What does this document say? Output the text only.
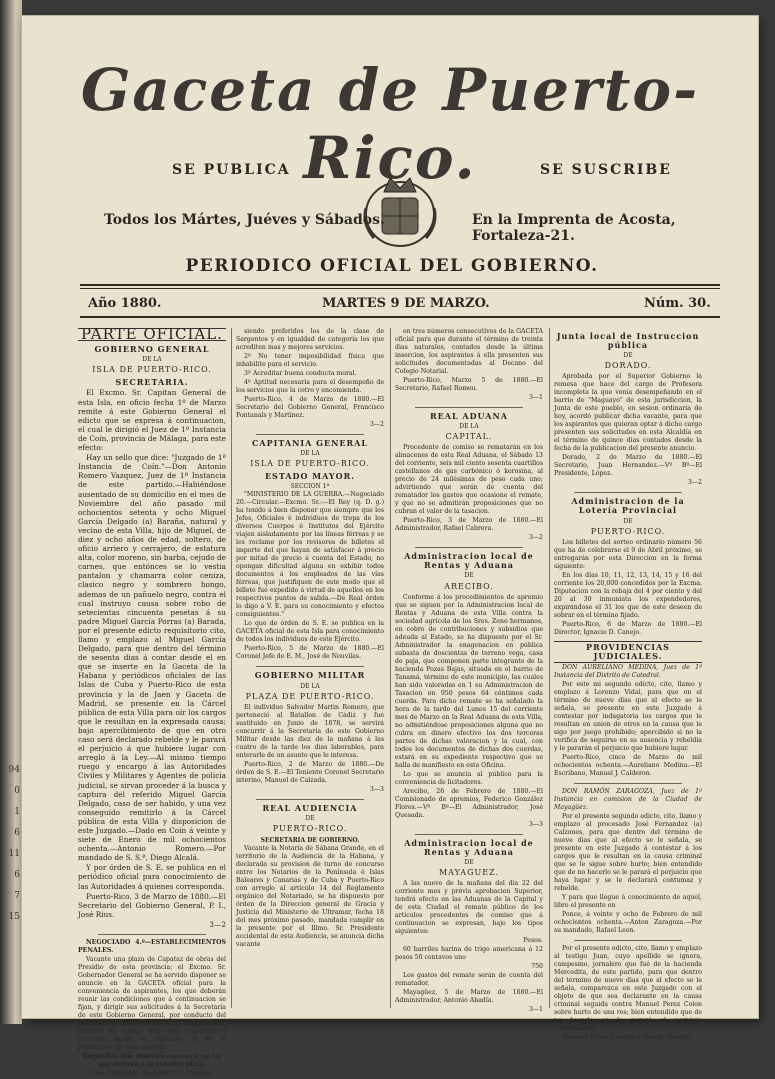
94
0
1
6
11
6
7
15
Gaceta de Puerto-Rico.
SE PUBLICA	SE SUSCRIBE
Todos los Mártes, Juéves y Sábados.	En la Imprenta de Acosta, Fortaleza-21.
PERIODICO OFICIAL DEL GOBIERNO.
Año 1880.	MARTES 9 DE MARZO.	Núm. 30.
PARTE OFICIAL.
GOBIERNO GENERAL
DE LA
ISLA DE PUERTO-RICO.
SECRETARIA.

El Excmo. Sr. Capitan General de esta Isla, en oficio fecha 1º de Marzo remite á este Gobierno General el edicto que se expresa á continuacion, el cual le dirigió el Juez de 1ª Instancia de Coín, provincia de Málaga, para este efecto:

Hay un sello que dice: "Juzgado de 1ª Instancia de Coín."—Don Antonio Romero Vazquez, Juez de 1ª Instancia de este partido.—Habiéndose ausentado de su domicilio en el mes de Noviembre del año pasado mil ochocientos setenta y ocho Miguel García Delgado (a) Baraña, natural y vecino de esta Villa, hijo de Miguel, de diez y ocho años de edad, soltero, de oficio arriero y cerrajero, de estatura alta, color moreno, sin barba, cejudo de carnes, que entónces se lo vestia pantalon y chamarra color ceniza, clasico negro y sombrero hongo, ademas de un pañuelo negro, contra el cual instruyo causa sobre robo de setecientas cincuenta pesetas á su padre Miguel García Porras (a) Barada, por el presente edicto requisitorio cito, llamo y emplazo al Miguel García Delgado, para que dentro del término de sesenta dias á contar desde el en que se inserte en la Gaceta de la Habana y periódicos oficiales de las Islas de Cuba y Puerto-Rico de esta provincia y la de Jaen y Gaceta de Madrid, se presente en la Cárcel pública de esta Villa para oír los cargos que le resultan en la expresada causa; bajo apercibimiento de que en otro caso será declarado rebelde y le parará el perjuicio á que hubiere lugar con arreglo á la Ley.—Al mismo tiempo ruego y encargo á las Autoridades Civiles y Militares y Agentes de policía judicial, se sirvan proceder á la busca y captura del referido Miguel García Delgado, caso de ser habido, y una vez conseguido remitirlo á la Cárcel pública de esta Villa y disposicion de este Juzgado.—Dado en Coín á veinte y siete de Enero de mil ochocientos ochenta.—Antonio Romero.—Por mandado de S. S.ª, Diego Alcalá.

Y por órden de S. E. se publica en el periódico oficial para conocimiento de las Autoridades á quienes corresponda.

Puerto-Rico, 3 de Marzo de 1880.—El Secretario del Gobierno General, P. I., José Rius.

3—2

NEGOCIADO 4.º—ESTABLECIMIENTOS PENALES.

Vacante una plaza de Capataz de obras del Presidio de esta provincia; el Excmo. Sr. Gobernador General se ha servido disponer se anuncie en la GACETA oficial para la conveniencia de aspirantes, los que deberán reunir las condiciones que á continuacion se fijan, y dirigir sus solicitudes á la Secretaría de este Gobierno General, por conducto del Comandante del Presidio, en el improrogable término de quince dias, que empezará á contarse desde el siguiente al de la publicacion de este anuncio.

Requisitos que deberán concurrir en los que aspiren á la anterior plaza.

1º Ser licenciado del Ejército ó Armada,

siendo preferidos los de la clase de Sargentos y en igualdad de categoría los que acrediten mas y mejores servicios.

2º No tener imposibilidad física que inhabilite para el servicio.

3º Acreditar buena conducta moral.

4º Aptitud necesaria para el desempeño de los servicios que la cetro y encomienda.

Puerto-Rico, 4 de Marzo de 1880.—El Secretario del Gobierno General, Francisco Fontanals y Martinez.

3—2

CAPITANIA GENERAL
DE LA
ISLA DE PUERTO-RICO.
ESTADO MAYOR.
SECCION 1ª

"MINISTERIO DE LA GUERRA.—Negociado 20.—Circular.—Excmo. Sr.:—El Rey (q. D. g.) ha tenido á bien disponer que siempre que los Jefes, Oficiales é individuos de tropa de los diversos Cuerpos é Institutos del Ejército viajen aisladamente por las líneas férreas y se les reclame por los revisores de billetes el importe del que hayan de satisfacer á precio por mitad de precio á cuenta del Estado, no opongan dificultad alguna en exhibir todos documentos á los empleados de las vías férreas, que justifiquen de este modo que el billete fué expedido á virtud de aquellos en los respectivos puntos de salida.—De Real órden lo digo á V. E. para su conocimiento y efectos consiguientes."

Lo que de órden de S. E. se publica en la GACETA oficial de esta Isla para conocimiento de todos los individuos de este Ejército.

Puerto-Rico, 5 de Marzo de 1880.—El Coronel Jefe de E. M., José de Nouvilas.

GOBIERNO MILITAR
DE LA
PLAZA DE PUERTO-RICO.

El individuo Salvador Martin Romero, que perteneció al Batallon de Cádiz y fué sustituido en Junio de 1878, se servirá concurrir á la Secretaría de este Gobierno Militar desde las diez de la mañana á las cuatro de la tarde los dias laborables, para enterarle de un asunto que le interesa.

Puerto-Rico, 2 de Marzo de 1880.—De órden de S. E.—El Teniente Coronel Secretario interino, Manuel de Calzada.

3—3

REAL AUDIENCIA
DE
PUERTO-RICO.
SECRETARIA DE GOBIERNO.

Vacante la Notaría de Sábana Grande, en el territorio de la Audiencia de la Habana, y declarada su provision de turno de concurso entre los Notarios de la Península é Islas Baleares y Canarias y de Cuba y Puerto-Rico con arreglo al artículo 14 del Reglamento orgánico del Notariado, se ha dispuesto por órden de la Direccion general de Gracia y Justicia del Ministerio de Ultramar, fecha 18 del mes próximo pasado, mandada cumplir en la presente por el Illmo. Sr. Presidente accidental de esta Audiencia, se anuncia dicha vacante

en tres números consecutivos de la GACETA oficial para que durante el término de treinta dias naturales, contados desde la última insercion, los aspirantes á ella presenten sus solicitudes documentadas al Decano del Colegio Notarial.

Puerto-Rico, Marzo 5 de 1880.—El Secretario, Rafael Romeu.

3—1

REAL ADUANA
DE LA
CAPITAL.

Procedente de comiso se rematarán en los almacenes de esta Real Aduana, el Sábado 13 del corriente, seis mil ciento sesenta cuartillos castellanos de gas carbónico ó kerosina, al precio de 24 milésimas de peso cada uno; advirtiendo que serán de cuenta del rematador los gastos que ocasione el remate, y que no se admitirán proposiciones que no cubran el valor de la tasacion.

Puerto-Rico, 3 de Marzo de 1880.—El Administrador, Rafael Cabrera.

3—2

Administracion local de Rentas y Aduana
DE
ARECIBO.

Conforme á los procedimientos de apremio que se siguen por la Administracion local de Rentas y Aduana de esta Villa contra la sociedad agrícola de los Sres. Zeno hermanos, en cobro de contribuciones y subsidios que adeuda al Estado, se ha dispuesto por el Sr. Administrador la enagenacion en pública subasta de doscientas de terreno vega, casa de paja, que componen parte integrante de la hacienda Pozas Bajas, situada en el barrio de Tanamá, término de este municipio, las cuales han sido valoradas en 1 su Administracion de Tasacion en 950 pesos 64 céntimos cada cuerda. Para dicho remate se ha señalado la hora de la tarde del Lunes 15 del corriente mes de Marzo en la Real Aduana de esta Villa, no admitiéndose proposiciones alguna que no cubra en dinero efectivo los dos terceras partes de dichas valoracion y la cual, con todos los documentos de dichas dos cuerdas, estará en su expediente respectivo que se halla de manifiesto en esta Oficina.

Lo que se anuncia al público para la conveniencia de licitadores.

Arecibo, 26 de Febrero de 1880.—El Comisionado de apremios, Federico González Flores.—Vº Bº—El Administrador, José Quesada.

3—3

Administracion local de Rentas y Aduana
DE
MAYAGUEZ.

A las nueve de la mañana del dia 22 del corriente mes y prévia aprobacion Superior, tendrá efecto en las Aduanas de la Capital y de esta Ciudad el remate público de los artículos procedentes de comiso que á continuacion se expresan, bajo los tipos siguientes:

Pesos.

60 barriles harina de trigo americana á 12 pesos 50 centavos uno

750

Los gastos del remate serán de cuenta del rematador.

Mayagüez, 5 de Marzo de 1880.—El Administrador, Antonio Abadía.

3—1

Junta local de Instruccion pública
DE
DORADO.

Aprobada por el Superior Gobierno la remesa que hace del cargo de Profesora incompleta la que venia desempeñando en el barrio de "Maguayo" de esta jurisdiccion, la Junta de este pueblo, en sesion ordinaria de hoy, acordó publicar dicha vacante, para que los aspirantes que quieran optar á dicho cargo presenten sus solicitudes en esta Alcaldía en el término de quince dias contados desde la fecha de la publicacion del presente anuncio.

Dorado, 2 de Marzo de 1880.—El Secretario, Juan Hernandez.—Vº Bº—El Presidente, López.

3—2

Administracion de la Lotería Provincial
DE
PUERTO-RICO.

Los billetes del sorteo ordinario número 56 que ha de celebrarse el 9 de Abril próximo, se entregarán por esta Direccion en la forma siguiente:

En los dias 10, 11, 12, 13, 14, 15 y 16 del corriente los 20,000 concedidos por la Excma. Diputacion con la rebaja del 4 por ciento y del 20 al 30 inmuniata los expendedores, expirándose el 31 los que de este deseen de sobrar en el término fijado.

Puerto-Rico, 6 de Marzo de 1880.—El Director, Ignacio D. Canejo.

PROVIDENCIAS JUDICIALES.

DON AURELIANO MEDINA, Juez de 1ª Instancia del Distrito de Catedral.

Por este mi segundo edicto, cito, llamo y emplazo á Lorenzo Vidal, para que en el término de nueve dias que al efecto se le señala, se presente en este Juzgado á contestar por indagatoria los cargos que le resultan en union de otros en la causa que le sigo por juego prohibido; apercibido si no la verifica de seguirse en su ausencia y rebeldía y le pararán el perjuicio que hubiere lugar.

Puerto-Rico, cinco de Marzo de mil ochocientos ochenta.—Aureliano Medina.—El Escribano, Manuel J. Calderon.

DON RAMÓN ZARAGOZA, Juez de 1ª Instancia en comision de la Ciudad de Mayagüez.

Por el presente segundo edicto, cito, llamo y emplazo al procesado José Fernandez (a) Calzones, para que dentro del término de nueve dias que al efecto se le señala, se presente en este Juzgado á contestar á los cargos que le resultan en la causa criminal que se le sigue sobre hurto; bien entendido que de no hacerlo se le parará el perjuicio que haya lugar y se le declarará contumaz y rebelde.

Y para que llegue á conocimiento de aquel, libro el presente en

Ponce, á veinte y ocho de Febrero de mil ochocientos ochenta.—Anton Zaragoza.—Por su mandado, Rafael Leon.

Por el presente edicto, cito, llamo y emplazo al testigo Juan, cuyo apellido se ignora, campesino, jornalero que fué de la hacienda Mercedita, de este partido, para que dentro del término de nueve dias que al efecto se le señala, comparezca en este Juzgado con el objeto de que sea declarante en la causa criminal seguida contra Manuel Perez Colon sobre hurto de una res; bien entendido que de no hacerlo se le parará el perjuicio consiguiente.

Dado en Ponce á veinte y tres de Febrero
